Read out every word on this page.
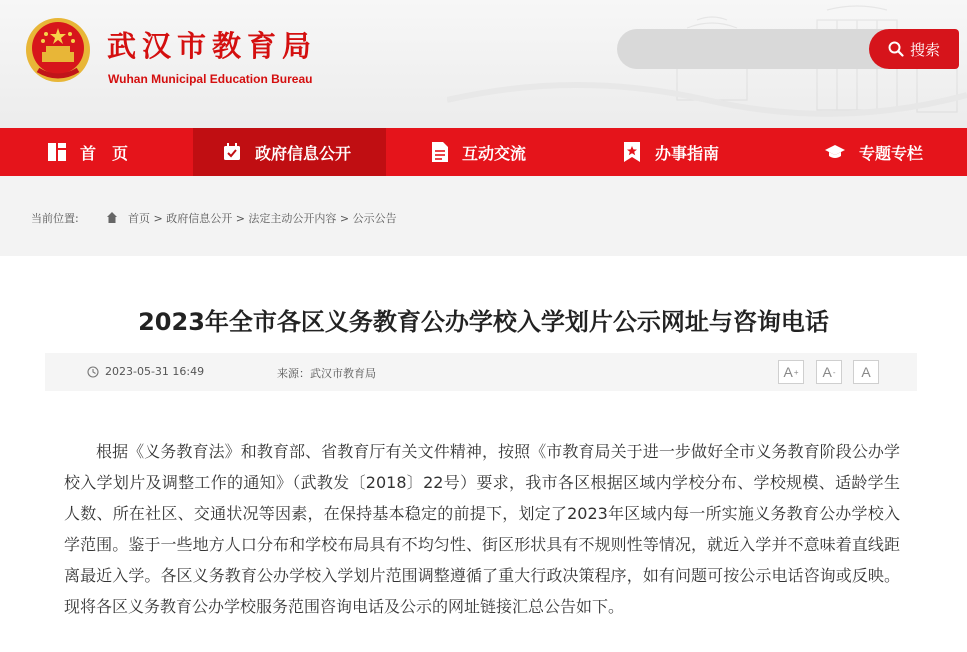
武汉市教育局
Wuhan Municipal Education Bureau
搜索
首　页	政府信息公开	互动交流	办事指南	专题专栏
当前位置:	首页 > 政府信息公开 > 法定主动公开内容 > 公示公告
2023年全市各区义务教育公办学校入学划片公示网址与咨询电话
2023-05-31 16:49	来源：武汉市教育局	A + A - A
根据《义务教育法》和教育部、省教育厅有关文件精神，按照《市教育局关于进一步做好全市义务教育阶段公办学校入学划片及调整工作的通知》（武教发〔2018〕22号）要求，我市各区根据区域内学校分布、学校规模、适龄学生人数、所在社区、交通状况等因素，在保持基本稳定的前提下，划定了2023年区域内每一所实施义务教育公办学校入学范围。鉴于一些地方人口分布和学校布局具有不均匀性、街区形状具有不规则性等情况，就近入学并不意味着直线距离最近入学。各区义务教育公办学校入学划片范围调整遵循了重大行政决策程序，如有问题可按公示电话咨询或反映。现将各区义务教育公办学校服务范围咨询电话及公示的网址链接汇总公告如下。
